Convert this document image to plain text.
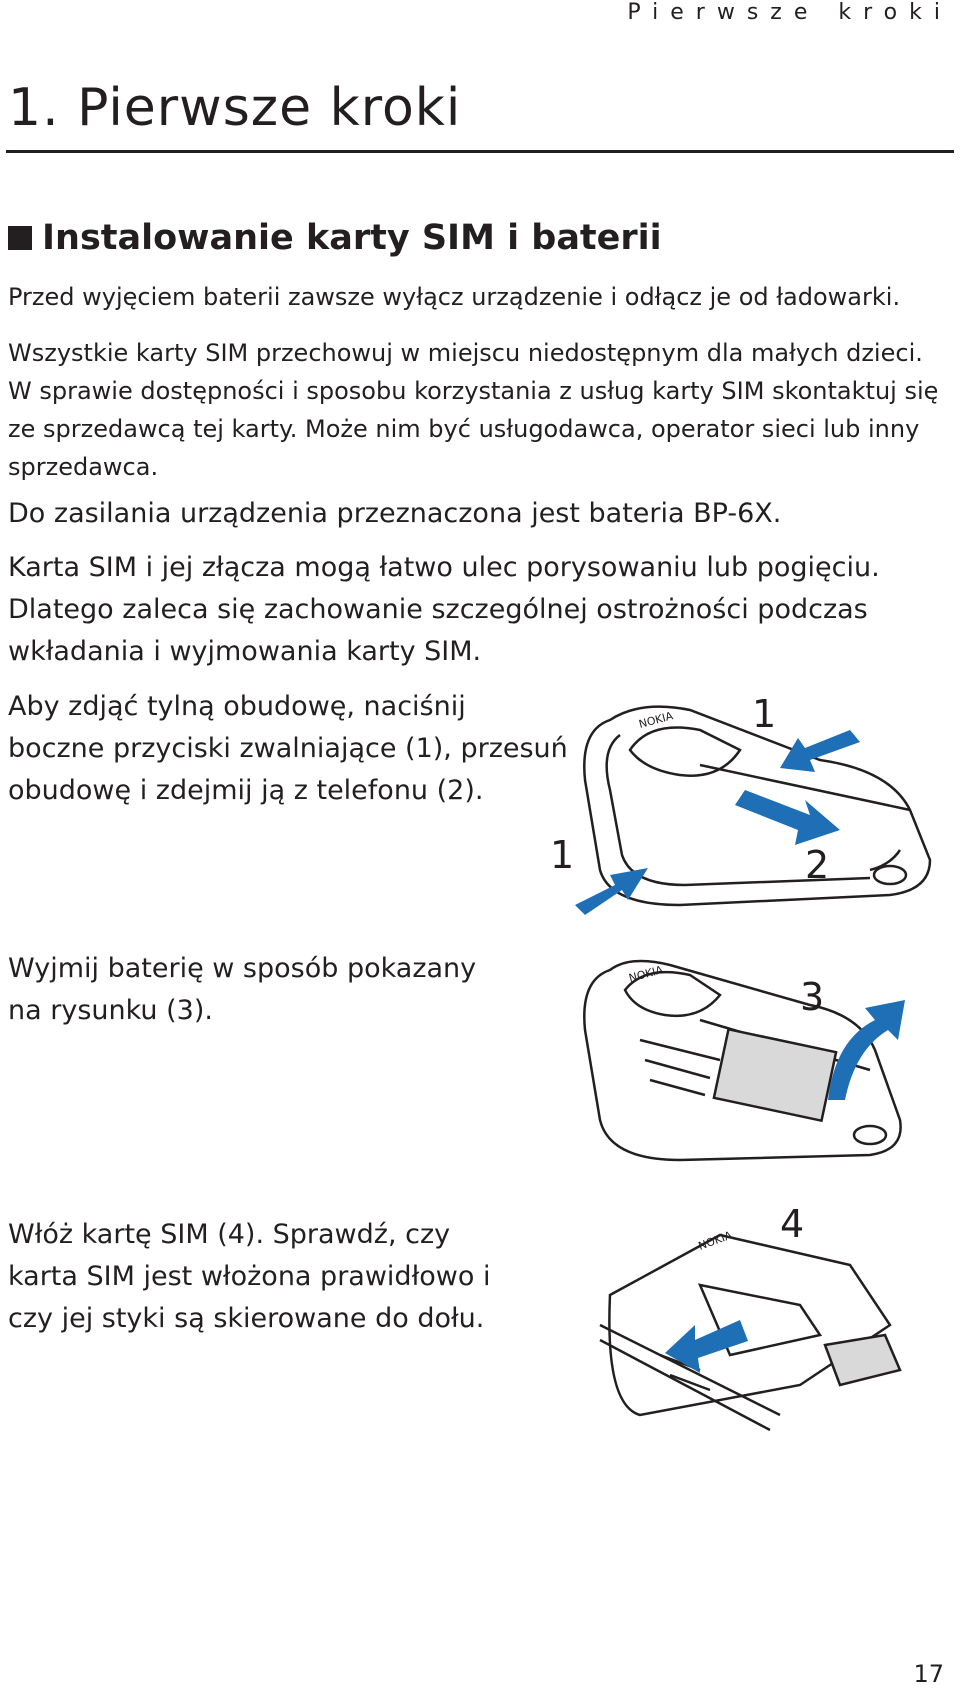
Pierwsze kroki
1. Pierwsze kroki
Instalowanie karty SIM i baterii

Przed wyjęciem baterii zawsze wyłącz urządzenie i odłącz je od ładowarki.

Wszystkie karty SIM przechowuj w miejscu niedostępnym dla małych dzieci. W sprawie dostępności i sposobu korzystania z usług karty SIM skontaktuj się ze sprzedawcą tej karty. Może nim być usługodawca, operator sieci lub inny sprzedawca.

Do zasilania urządzenia przeznaczona jest bateria BP-6X.

Karta SIM i jej złącza mogą łatwo ulec porysowaniu lub pogięciu. Dlatego zaleca się zachowanie szczególnej ostrożności podczas wkładania i wyjmowania karty SIM.

Aby zdjąć tylną obudowę, naciśnij boczne przyciski zwalniające (1), przesuń obudowę i zdejmij ją z telefonu (2).

Wyjmij baterię w sposób pokazany na rysunku (3).

Włóż kartę SIM (4). Sprawdź, czy karta SIM jest włożona prawidłowo i czy jej styki są skierowane do dołu.

NOKIA 1
1	2
NOKIA
3
NOKIA 4
17
